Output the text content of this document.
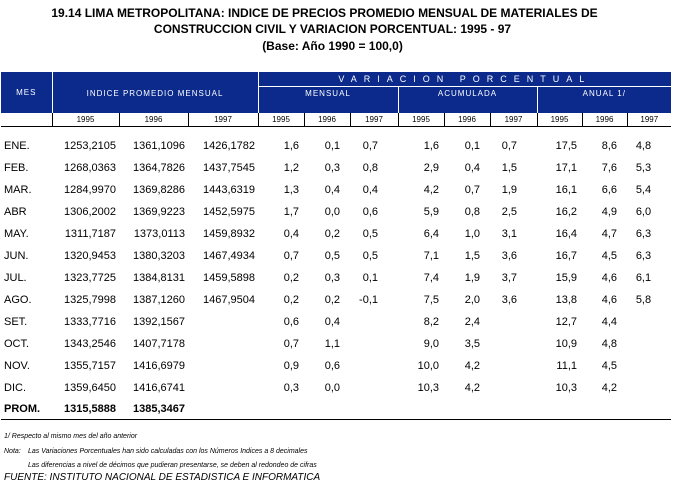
19.14 LIMA METROPOLITANA: INDICE DE PRECIOS PROMEDIO MENSUAL DE MATERIALES DE
CONSTRUCCION CIVIL Y VARIACION PORCENTUAL: 1995 - 97
(Base: Año 1990 = 100,0)
MES				VARIACION PORCENTUAL								
	INDICE PROMEDIO MENSUAL			MENSUAL			ACUMULADA			ANUAL 1/		

	1995	1996	1997	1995	1996	1997	1995	1996	1997	1995	1996	1997

ENE.	1253,2105	1361,1096	1426,1782	1,6	0,1	0,7	1,6	0,1	0,7	17,5	8,6	4,8
FEB.	1268,0363	1364,7826	1437,7545	1,2	0,3	0,8	2,9	0,4	1,5	17,1	7,6	5,3
MAR.	1284,9970	1369,8286	1443,6319	1,3	0,4	0,4	4,2	0,7	1,9	16,1	6,6	5,4
ABR	1306,2002	1369,9223	1452,5975	1,7	0,0	0,6	5,9	0,8	2,5	16,2	4,9	6,0
MAY.	1311,7187	1373,0113	1459,8932	0,4	0,2	0,5	6,4	1,0	3,1	16,4	4,7	6,3
JUN.	1320,9453	1380,3203	1467,4934	0,7	0,5	0,5	7,1	1,5	3,6	16,7	4,5	6,3
JUL.	1323,7725	1384,8131	1459,5898	0,2	0,3	0,1	7,4	1,9	3,7	15,9	4,6	6,1
AGO.	1325,7998	1387,1260	1467,9504	0,2	0,2	-0,1	7,5	2,0	3,6	13,8	4,6	5,8
SET.	1333,7716	1392,1567		0,6	0,4		8,2	2,4		12,7	4,4	
OCT.	1343,2546	1407,7178		0,7	1,1		9,0	3,5		10,9	4,8	
NOV.	1355,7157	1416,6979		0,9	0,6		10,0	4,2		11,1	4,5	
DIC.	1359,6450	1416,6741		0,3	0,0		10,3	4,2		10,3	4,2	
PROM.	1315,5888	1385,3467										
1/ Respecto al mismo mes del año anterior
Nota: Las Variaciones Porcentuales han sido calculadas con los Números Indices a 8 decimales
Las diferencias a nivel de décimos que pudieran presentarse, se deben al redondeo de cifras
FUENTE: INSTITUTO NACIONAL DE ESTADISTICA E INFORMATICA
